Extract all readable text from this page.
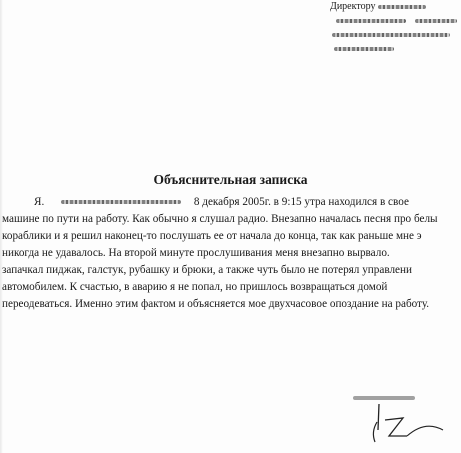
Директору

Объяснительная записка
Я.	8 декабря 2005г. в 9:15 утра находился в свое
машине по пути на работу. Как обычно я слушал радио. Внезапно началась песня про белы
кораблики и я решил наконец-то послушать ее от начала до конца, так как раньше мне э
никогда не удавалось. На второй минуте прослушивания меня внезапно вырвало.
запачкал пиджак, галстук, рубашку и брюки, а также чуть было не потерял управлени
автомобилем. К счастью, в аварию я не попал, но пришлось возвращаться домой
переодеваться. Именно этим фактом и объясняется мое двухчасовое опоздание на работу.
